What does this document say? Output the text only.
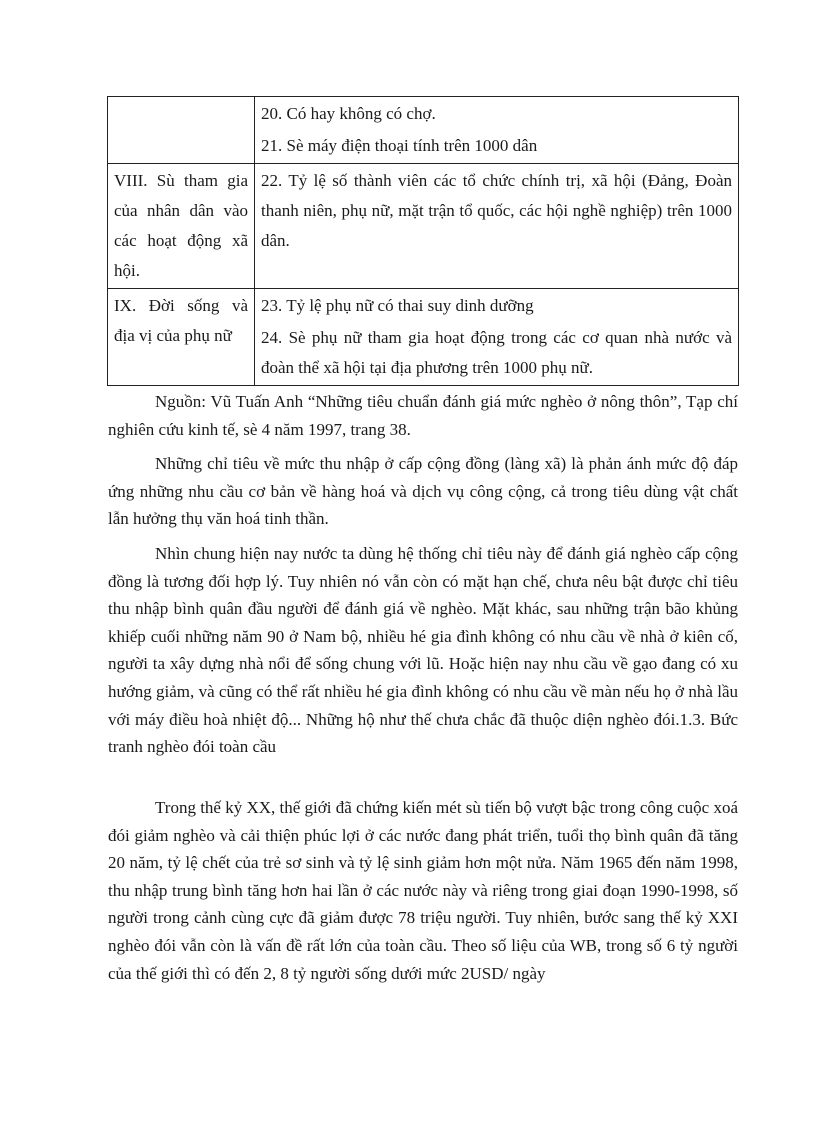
	20. Có hay không có chợ.

21. Sè máy điện thoại tính trên 1000 dân

VIII. Sù tham gia của nhân dân vào các hoạt động xã hội.	22. Tỷ lệ số thành viên các tổ chức chính trị, xã hội (Đảng, Đoàn thanh niên, phụ nữ, mặt trận tổ quốc, các hội nghề nghiệp) trên 1000 dân.

IX. Đời sống và địa vị của phụ nữ	23. Tỷ lệ phụ nữ có thai suy dinh dưỡng

24. Sè phụ nữ tham gia hoạt động trong các cơ quan nhà nước và đoàn thể xã hội tại địa phương trên 1000 phụ nữ.

Nguồn: Vũ Tuấn Anh “Những tiêu chuẩn đánh giá mức nghèo ở nông thôn”, Tạp chí nghiên cứu kinh tế, sè 4 năm 1997, trang 38.

Những chỉ tiêu về mức thu nhập ở cấp cộng đồng (làng xã) là phản ánh mức độ đáp ứng những nhu cầu cơ bản về hàng hoá và dịch vụ công cộng, cả trong tiêu dùng vật chất lẫn hưởng thụ văn hoá tinh thần.

Nhìn chung hiện nay nước ta dùng hệ thống chỉ tiêu này để đánh giá nghèo cấp cộng đồng là tương đối hợp lý. Tuy nhiên nó vẫn còn có mặt hạn chế, chưa nêu bật được chỉ tiêu thu nhập bình quân đầu người để đánh giá về nghèo. Mặt khác, sau những trận bão khủng khiếp cuối những năm 90 ở Nam bộ, nhiều hé gia đình không có nhu cầu về nhà ở kiên cố, người ta xây dựng nhà nổi để sống chung với lũ. Hoặc hiện nay nhu cầu về gạo đang có xu hướng giảm, và cũng có thể rất nhiều hé gia đình không có nhu cầu về màn nếu họ ở nhà lầu với máy điều hoà nhiệt độ... Những hộ như thế chưa chắc đã thuộc diện nghèo đói.1.3. Bức tranh nghèo đói toàn cầu

Trong thế kỷ XX, thế giới đã chứng kiến mét sù tiến bộ vượt bậc trong công cuộc xoá đói giảm nghèo và cải thiện phúc lợi ở các nước đang phát triển, tuổi thọ bình quân đã tăng 20 năm, tỷ lệ chết của trẻ sơ sinh và tỷ lệ sinh giảm hơn một nửa. Năm 1965 đến năm 1998, thu nhập trung bình tăng hơn hai lần ở các nước này và riêng trong giai đoạn 1990-1998, số người trong cảnh cùng cực đã giảm được 78 triệu người. Tuy nhiên, bước sang thế kỷ XXI nghèo đói vẫn còn là vấn đề rất lớn của toàn cầu. Theo số liệu của WB, trong số 6 tỷ người của thế giới thì có đến 2, 8 tỷ người sống dưới mức 2USD/ ngày
